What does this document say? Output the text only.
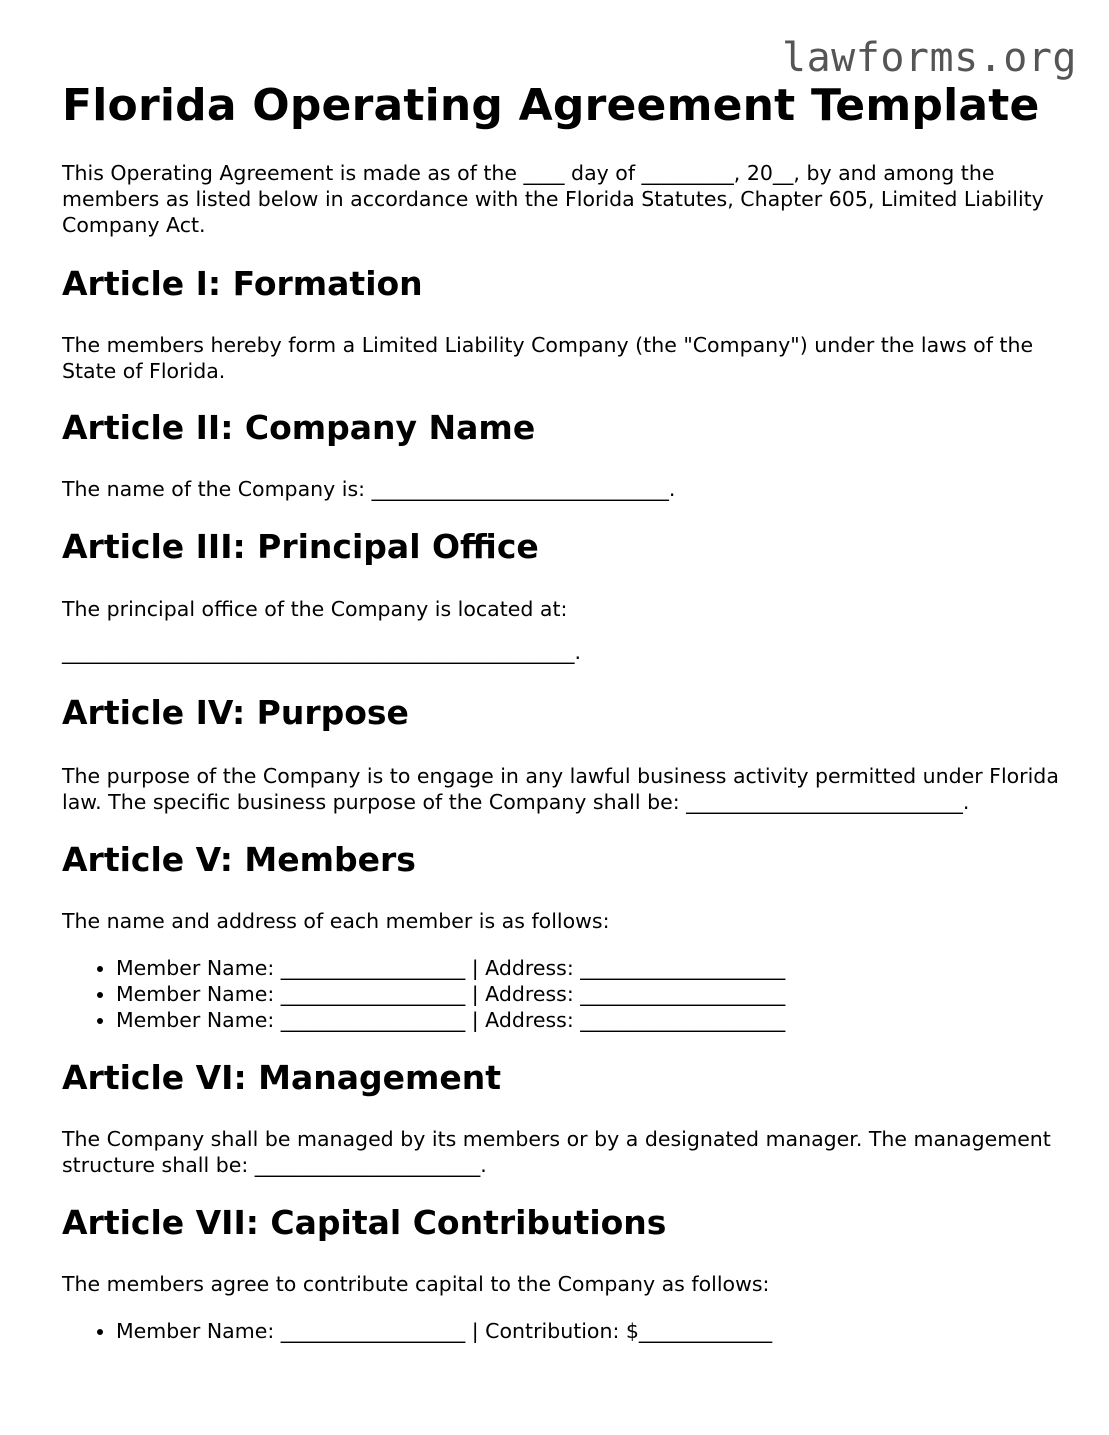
lawforms.org
Florida Operating Agreement Template

This Operating Agreement is made as of the ____ day of _________, 20__, by and among the members as listed below in accordance with the Florida Statutes, Chapter 605, Limited Liability Company Act.

Article I: Formation

The members hereby form a Limited Liability Company (the "Company") under the laws of the State of Florida.

Article II: Company Name

The name of the Company is: _____________________________.

Article III: Principal Office

The principal office of the Company is located at:

__________________________________________________.

Article IV: Purpose

The purpose of the Company is to engage in any lawful business activity permitted under Florida law. The specific business purpose of the Company shall be: ___________________________.

Article V: Members

The name and address of each member is as follows:

• Member Name: __________________ | Address: ____________________
• Member Name: __________________ | Address: ____________________
• Member Name: __________________ | Address: ____________________
Article VI: Management

The Company shall be managed by its members or by a designated manager. The management structure shall be: ______________________.

Article VII: Capital Contributions

The members agree to contribute capital to the Company as follows:

• Member Name: __________________ | Contribution: $_____________
